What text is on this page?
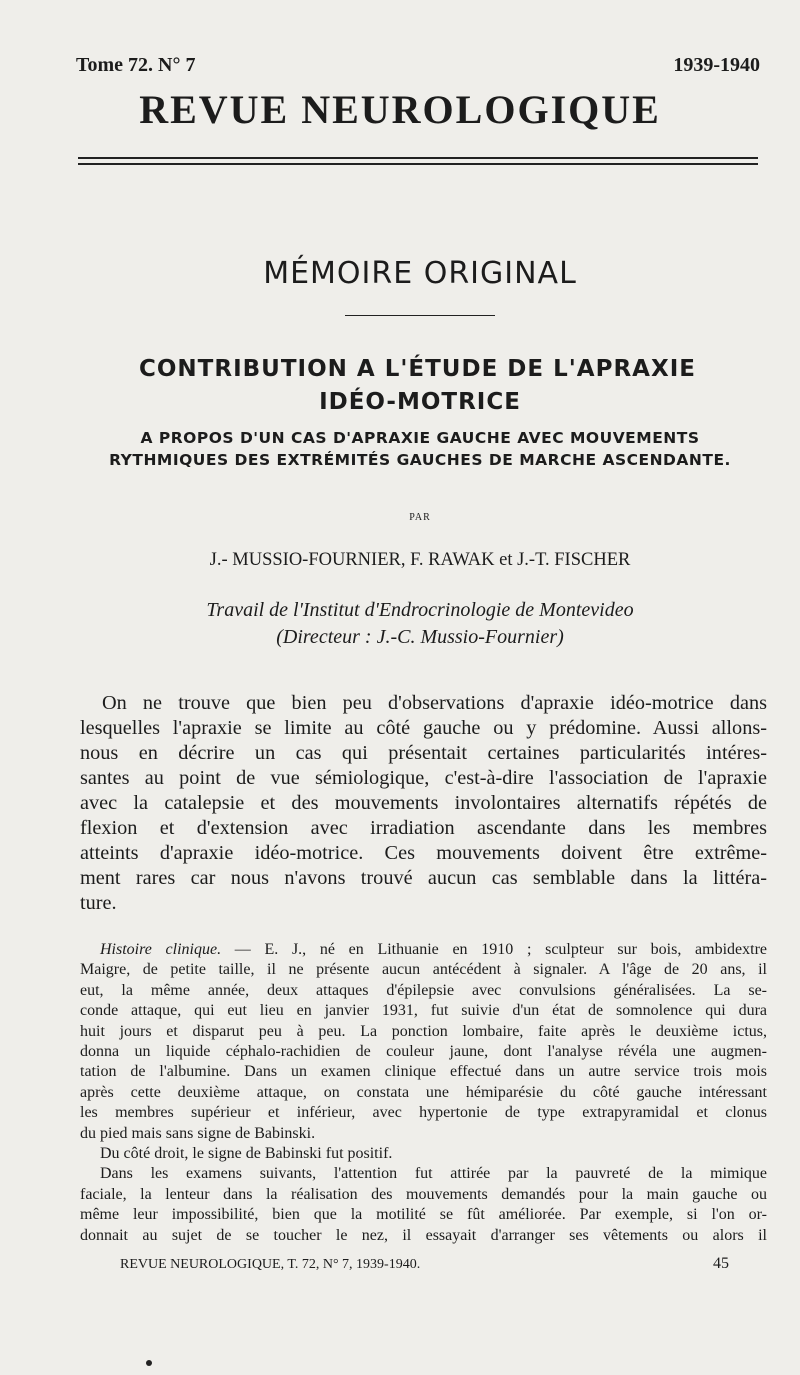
Tome 72. N° 7	1939-1940
REVUE NEUROLOGIQUE
MÉMOIRE ORIGINAL
CONTRIBUTION A L'ÉTUDE DE L'APRAXIE
IDÉO-MOTRICE
A PROPOS D'UN CAS D'APRAXIE GAUCHE AVEC MOUVEMENTS
RYTHMIQUES DES EXTRÉMITÉS GAUCHES DE MARCHE ASCENDANTE.
PAR
J.- MUSSIO-FOURNIER, F. RAWAK et J.-T. FISCHER
Travail de l'Institut d'Endrocrinologie de Montevideo
(Directeur : J.-C. Mussio-Fournier)
On ne trouve que bien peu d'observations d'apraxie idéo-motrice dans
lesquelles l'apraxie se limite au côté gauche ou y prédomine. Aussi allons-
nous en décrire un cas qui présentait certaines particularités intéres-
santes au point de vue sémiologique, c'est-à-dire l'association de l'apraxie
avec la catalepsie et des mouvements involontaires alternatifs répétés de
flexion et d'extension avec irradiation ascendante dans les membres
atteints d'apraxie idéo-motrice. Ces mouvements doivent être extrême-
ment rares car nous n'avons trouvé aucun cas semblable dans la littéra-
ture.
Histoire clinique. — E. J., né en Lithuanie en 1910 ; sculpteur sur bois, ambidextre
Maigre, de petite taille, il ne présente aucun antécédent à signaler. A l'âge de 20 ans, il
eut, la même année, deux attaques d'épilepsie avec convulsions généralisées. La se-
conde attaque, qui eut lieu en janvier 1931, fut suivie d'un état de somnolence qui dura
huit jours et disparut peu à peu. La ponction lombaire, faite après le deuxième ictus,
donna un liquide céphalo-rachidien de couleur jaune, dont l'analyse révéla une augmen-
tation de l'albumine. Dans un examen clinique effectué dans un autre service trois mois
après cette deuxième attaque, on constata une hémiparésie du côté gauche intéressant
les membres supérieur et inférieur, avec hypertonie de type extrapyramidal et clonus
du pied mais sans signe de Babinski.
Du côté droit, le signe de Babinski fut positif.
Dans les examens suivants, l'attention fut attirée par la pauvreté de la mimique
faciale, la lenteur dans la réalisation des mouvements demandés pour la main gauche ou
même leur impossibilité, bien que la motilité se fût améliorée. Par exemple, si l'on or-
donnait au sujet de se toucher le nez, il essayait d'arranger ses vêtements ou alors il
REVUE NEUROLOGIQUE, T. 72, N° 7, 1939-1940.	45
